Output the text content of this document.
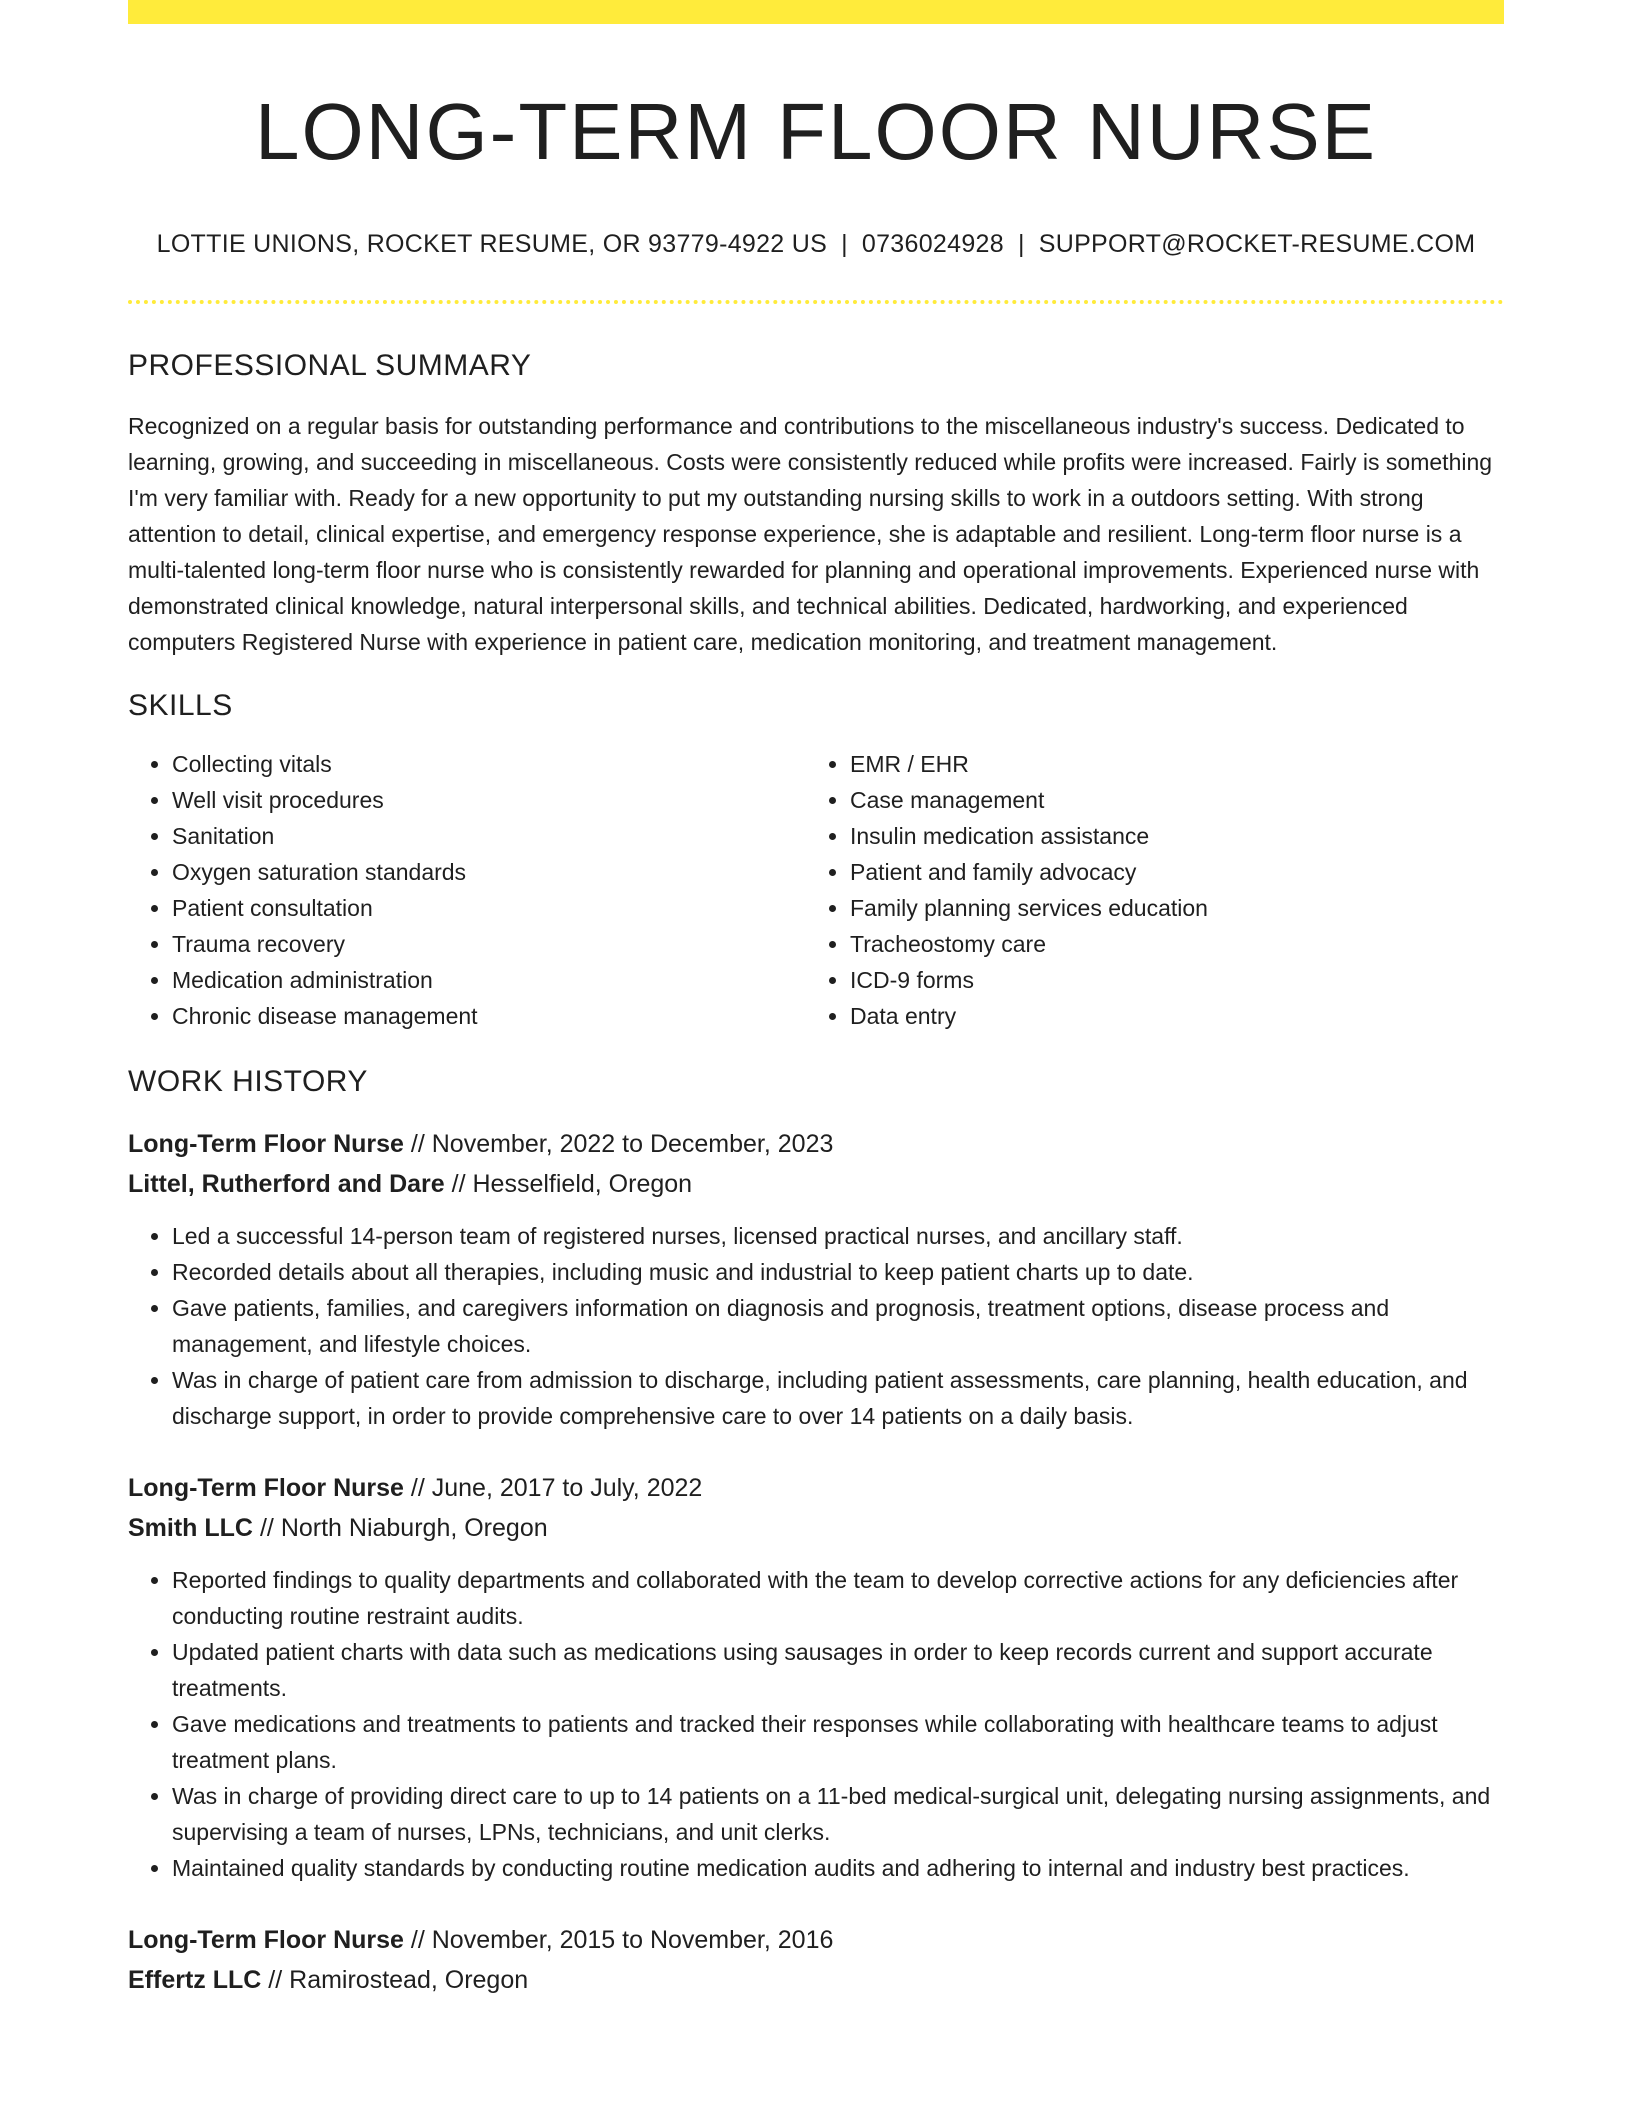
LONG-TERM FLOOR NURSE
LOTTIE UNIONS, ROCKET RESUME, OR 93779-4922 US | 0736024928 | SUPPORT@ROCKET-RESUME.COM
PROFESSIONAL SUMMARY

Recognized on a regular basis for outstanding performance and contributions to the miscellaneous industry's success. Dedicated to learning, growing, and succeeding in miscellaneous. Costs were consistently reduced while profits were increased. Fairly is something I'm very familiar with. Ready for a new opportunity to put my outstanding nursing skills to work in a outdoors setting. With strong attention to detail, clinical expertise, and emergency response experience, she is adaptable and resilient. Long-term floor nurse is a multi-talented long-term floor nurse who is consistently rewarded for planning and operational improvements. Experienced nurse with demonstrated clinical knowledge, natural interpersonal skills, and technical abilities. Dedicated, hardworking, and experienced computers Registered Nurse with experience in patient care, medication monitoring, and treatment management.

SKILLS
• Collecting vitals
• Well visit procedures
• Sanitation
• Oxygen saturation standards
• Patient consultation
• Trauma recovery
• Medication administration
• Chronic disease management
• EMR / EHR
• Case management
• Insulin medication assistance
• Patient and family advocacy
• Family planning services education
• Tracheostomy care
• ICD-9 forms
• Data entry
WORK HISTORY
Long-Term Floor Nurse // November, 2022 to December, 2023
Littel, Rutherford and Dare // Hesselfield, Oregon
• Led a successful 14-person team of registered nurses, licensed practical nurses, and ancillary staff.
• Recorded details about all therapies, including music and industrial to keep patient charts up to date.
• Gave patients, families, and caregivers information on diagnosis and prognosis, treatment options, disease process and management, and lifestyle choices.
• Was in charge of patient care from admission to discharge, including patient assessments, care planning, health education, and discharge support, in order to provide comprehensive care to over 14 patients on a daily basis.
Long-Term Floor Nurse // June, 2017 to July, 2022
Smith LLC // North Niaburgh, Oregon
• Reported findings to quality departments and collaborated with the team to develop corrective actions for any deficiencies after conducting routine restraint audits.
• Updated patient charts with data such as medications using sausages in order to keep records current and support accurate treatments.
• Gave medications and treatments to patients and tracked their responses while collaborating with healthcare teams to adjust treatment plans.
• Was in charge of providing direct care to up to 14 patients on a 11-bed medical-surgical unit, delegating nursing assignments, and supervising a team of nurses, LPNs, technicians, and unit clerks.
• Maintained quality standards by conducting routine medication audits and adhering to internal and industry best practices.
Long-Term Floor Nurse // November, 2015 to November, 2016
Effertz LLC // Ramirostead, Oregon
